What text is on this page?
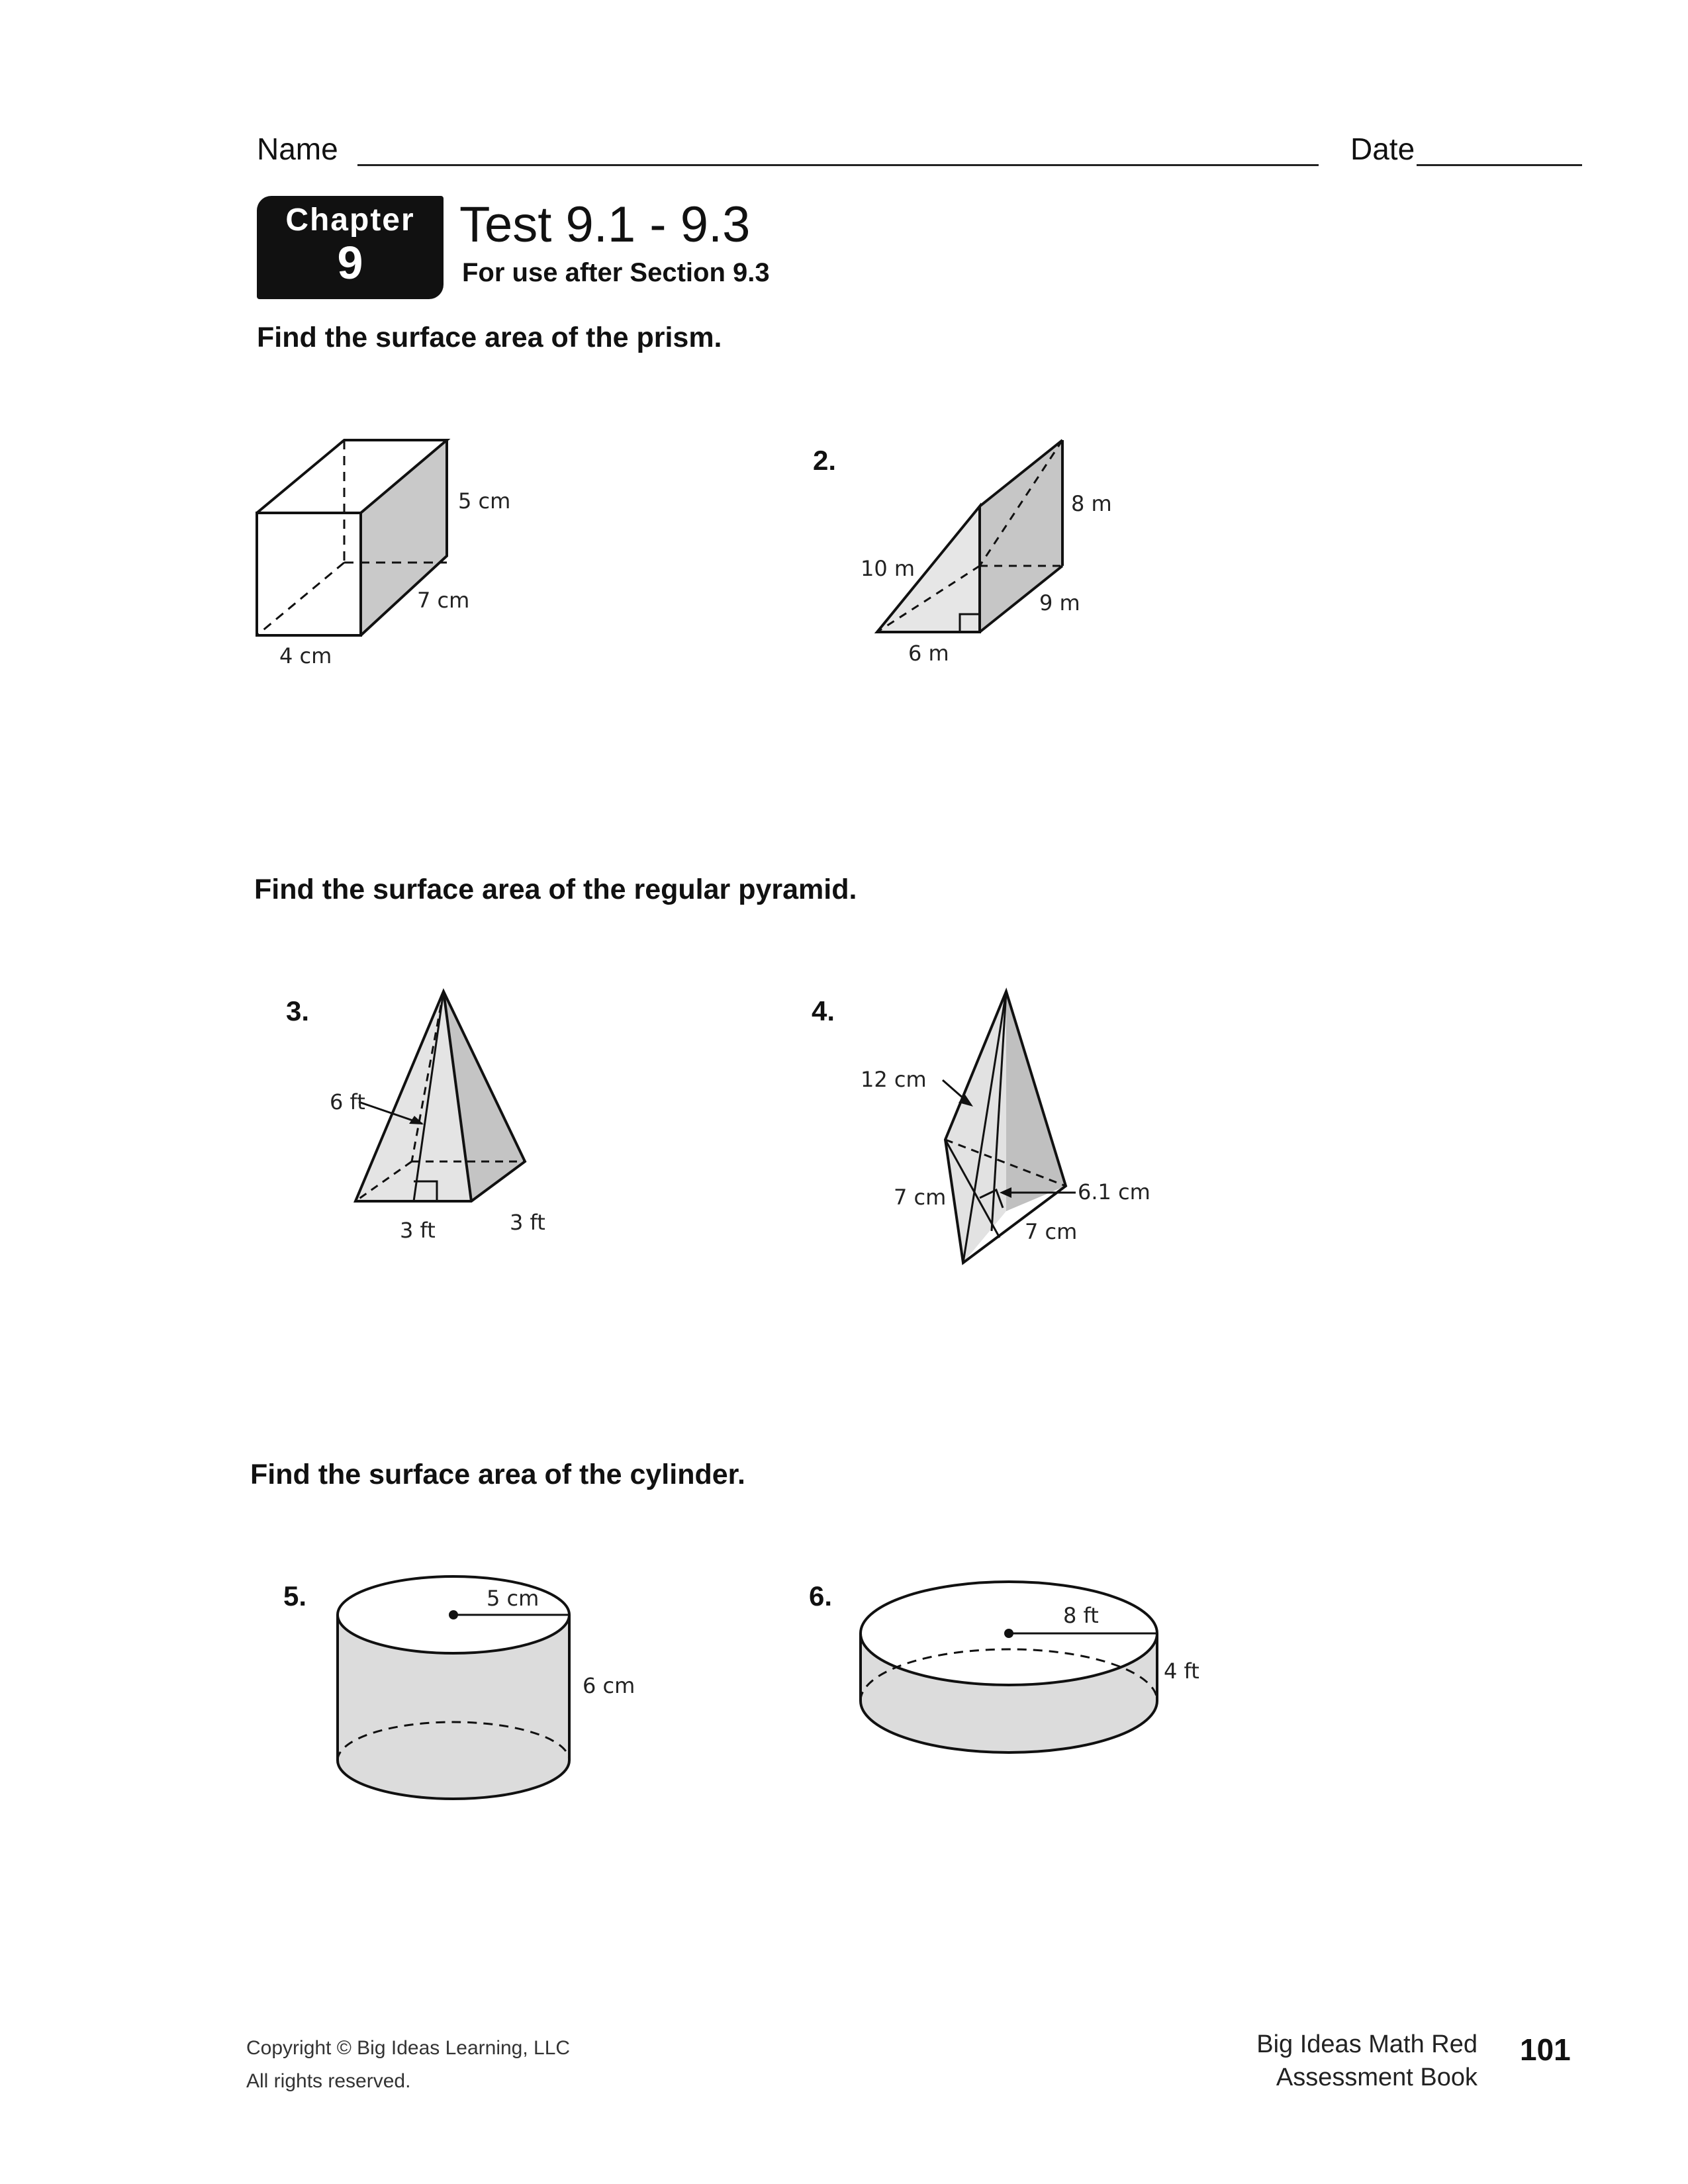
Name	Date
Chapter
9
Test 9.1 - 9.3
For use after Section 9.3
Find the surface area of the prism.
5 cm
7 cm
4 cm
2.
8 m
10 m
9 m
6 m
Find the surface area of the regular pyramid.
3.
6 ft
3 ft
3 ft
4.
12 cm
7 cm	6.1 cm
7 cm
Find the surface area of the cylinder.
5.	5 cm
6 cm
6.
8 ft
4 ft
Copyright © Big Ideas Learning, LLC
All rights reserved.
Big Ideas Math Red
Assessment Book
101
